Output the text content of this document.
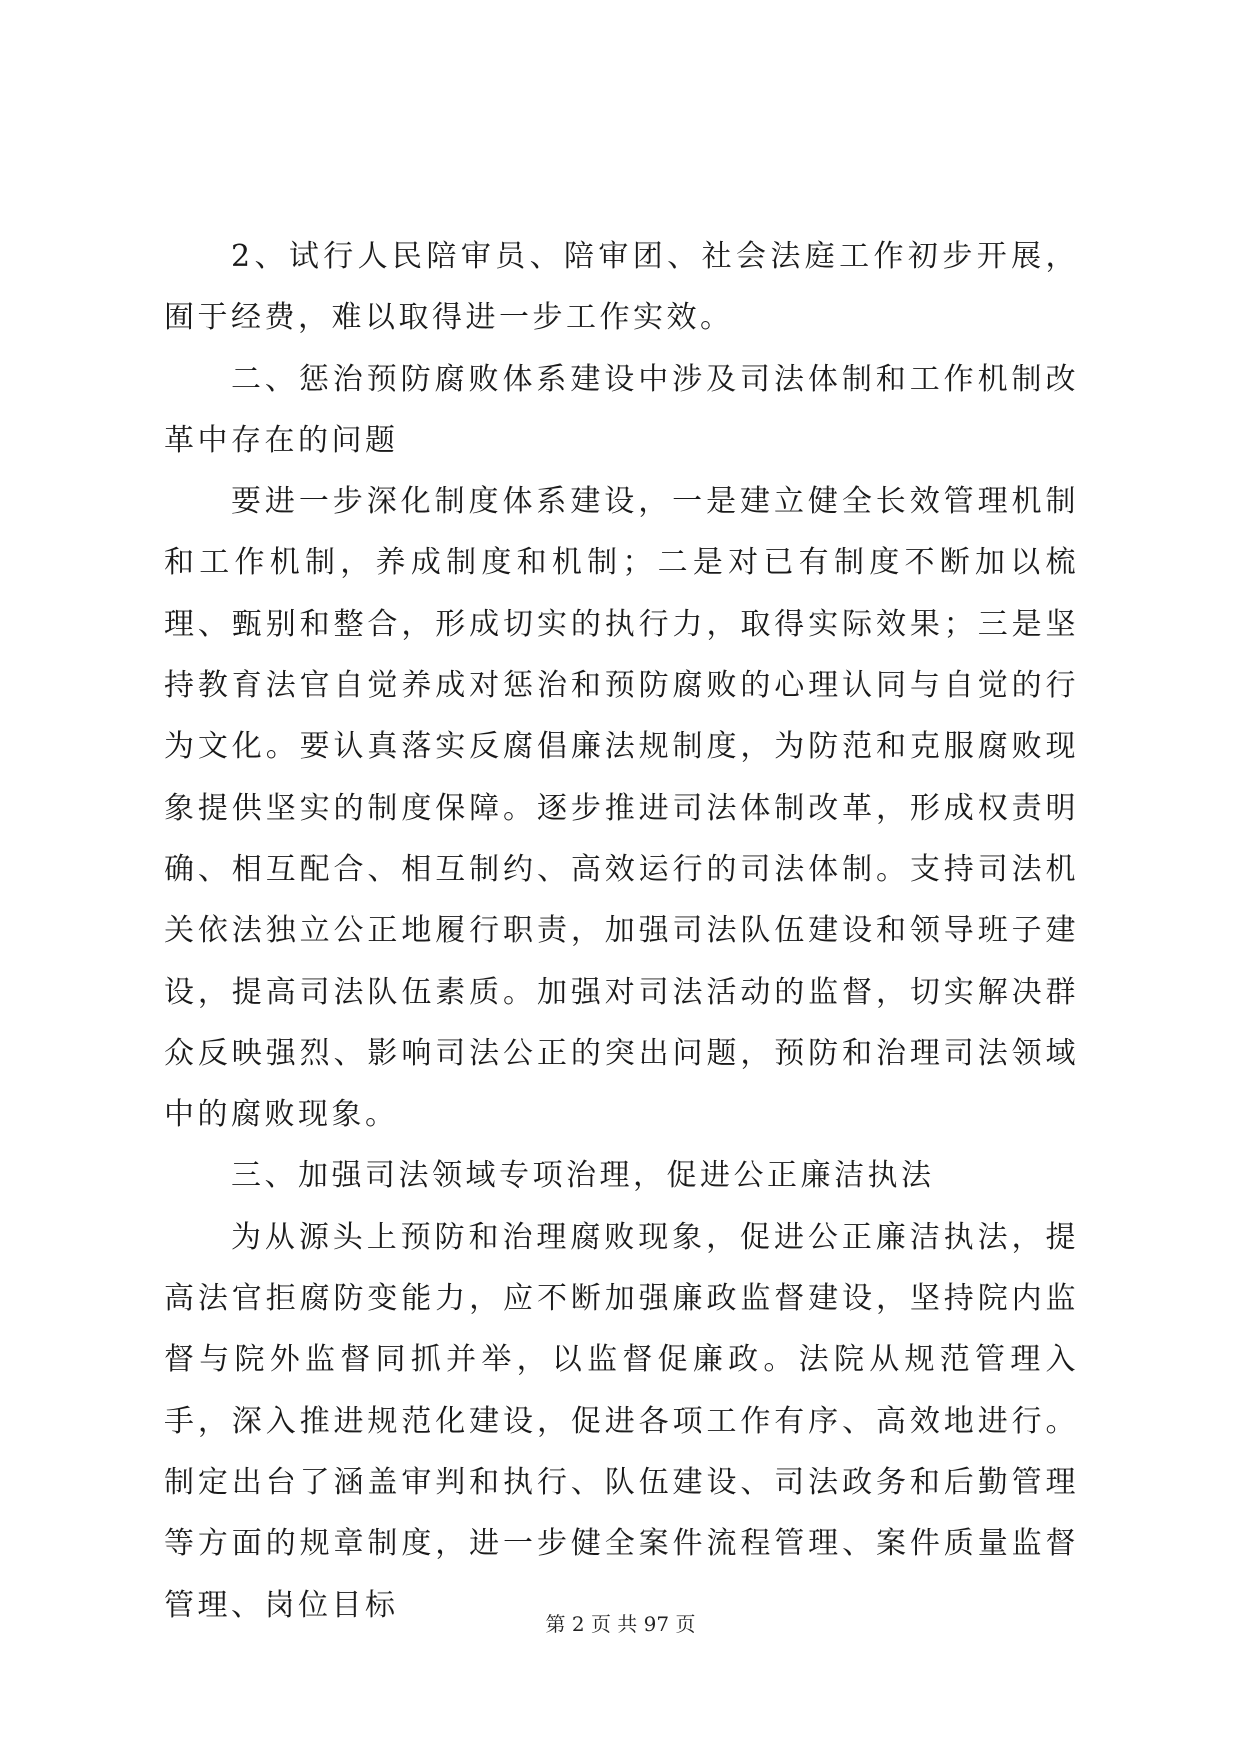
2、试行人民陪审员、陪审团、社会法庭工作初步开展，囿于经费，难以取得进一步工作实效。

二、惩治预防腐败体系建设中涉及司法体制和工作机制改革中存在的问题

要进一步深化制度体系建设，一是建立健全长效管理机制和工作机制，养成制度和机制；二是对已有制度不断加以梳理、甄别和整合，形成切实的执行力，取得实际效果；三是坚持教育法官自觉养成对惩治和预防腐败的心理认同与自觉的行为文化。要认真落实反腐倡廉法规制度，为防范和克服腐败现象提供坚实的制度保障。逐步推进司法体制改革，形成权责明确、相互配合、相互制约、高效运行的司法体制。支持司法机关依法独立公正地履行职责，加强司法队伍建设和领导班子建设，提高司法队伍素质。加强对司法活动的监督，切实解决群众反映强烈、影响司法公正的突出问题，预防和治理司法领域中的腐败现象。

三、加强司法领域专项治理，促进公正廉洁执法

为从源头上预防和治理腐败现象，促进公正廉洁执法，提高法官拒腐防变能力，应不断加强廉政监督建设，坚持院内监督与院外监督同抓并举，以监督促廉政。法院从规范管理入手，深入推进规范化建设，促进各项工作有序、高效地进行。制定出台了涵盖审判和执行、队伍建设、司法政务和后勤管理等方面的规章制度，进一步健全案件流程管理、案件质量监督管理、岗位目标

第 2 页 共 97 页
